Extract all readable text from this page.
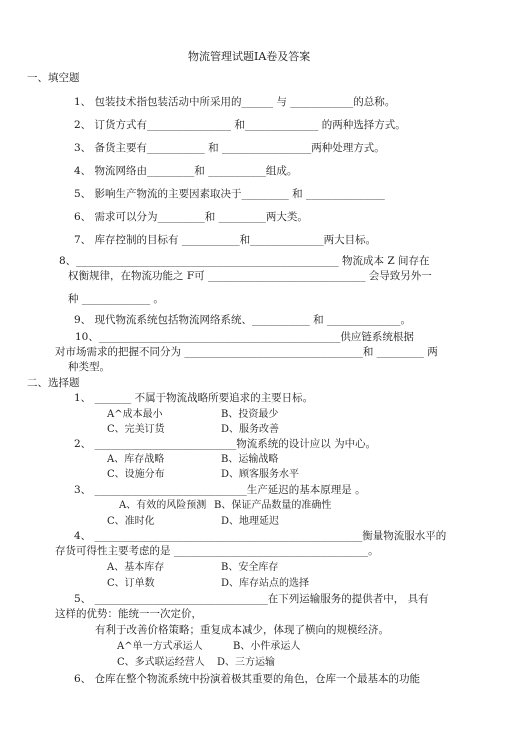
物流管理试题IA卷及答案
一、填空题
1、 包装技术指包装活动中所采用的______ 与 ____________的总称。
2、 订货方式有________________ 和______________ 的两种选择方式。
3、 备货主要有___________ 和 _________________两种处理方式。
4、 物流网络由_________和 ___________组成。
5、 影响生产物流的主要因素取决于_________ 和 _______________
6、 需求可以分为_________和 _________两大类。
7、 库存控制的目标有 ___________和______________两大目标。
8、__________________________________________________ 物流成本 Z 间存在
权衡规律，在物流功能之 F可 ______________________________ 会导致另外一
种 _____________ 。
9、 现代物流系统包括物流网络系统、___________ 和 ______________。
10、______________________________________________供应链系统根据
对市场需求的把握不同分为 __________________________________和 _________ 两
种类型。
二、选择题
1、 _______ 不属于物流战略所要追求的主要日标。
A^成本最小	B、投资最少
C、完美订货	D、服务改善
2、 ___________________________物流系统的设计应以 为中心。
A、库存战略	B、运输战略
C、设施分布	D、顾客服务水平
3、 _____________________________生产延迟的基本原理是 。
A、有效的风险预测 B、保证产品数量的准确性
C、准时化	D、地理延迟
4、 ___________________________________________________衡量物流服水平的
存货可得性主要考虑的是 _____________________________________。
A、基本库存	B、安全库存
C、订单数	D、库存站点的选择
5、 _________________________________在下列运输服务的提供者中， 具有
这样的优势：能统一一次定价，
有利于改善价格策略；重复成本减少，体现了横向的规模经济。
A^单一方式承运人	B、小件承运人
C、多式联运经营人 D、三方运输
6、 仓库在整个物流系统中扮演着极其重要的角色，仓库一个最基本的功能
